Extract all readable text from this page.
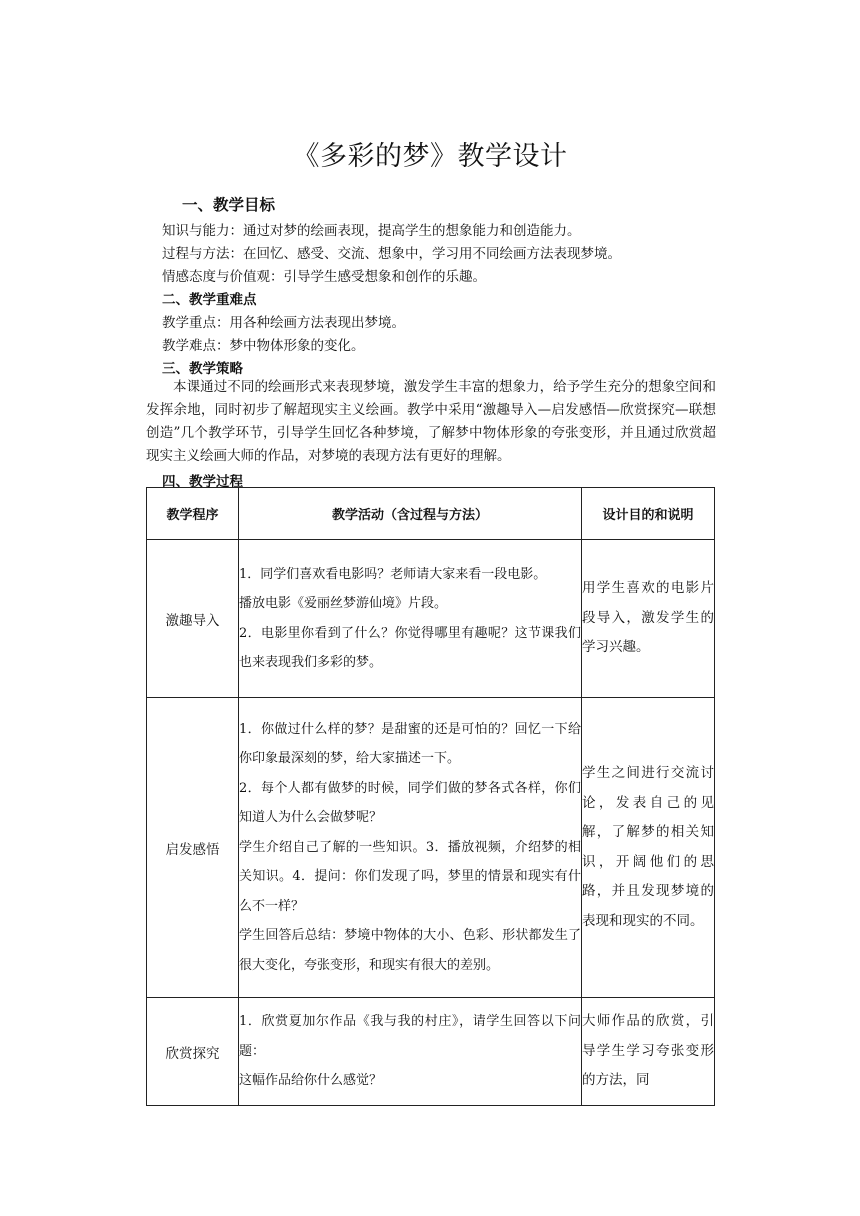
《多彩的梦》教学设计
一、教学目标
知识与能力：通过对梦的绘画表现，提高学生的想象能力和创造能力。
过程与方法：在回忆、感受、交流、想象中，学习用不同绘画方法表现梦境。
情感态度与价值观：引导学生感受想象和创作的乐趣。
二、教学重难点
教学重点：用各种绘画方法表现出梦境。
教学难点：梦中物体形象的变化。
三、教学策略
本课通过不同的绘画形式来表现梦境，激发学生丰富的想象力，给予学生充分的想象空间和发挥余地，同时初步了解超现实主义绘画。教学中采用“激趣导入—启发感悟—欣赏探究—联想创造”几个教学环节，引导学生回忆各种梦境，了解梦中物体形象的夸张变形，并且通过欣赏超现实主义绘画大师的作品，对梦境的表现方法有更好的理解。
四、教学过程
教学程序	教学活动（含过程与方法）	设计目的和说明
激趣导入	1．同学们喜欢看电影吗？老师请大家来看一段电影。

播放电影《爱丽丝梦游仙境》片段。

2．电影里你看到了什么？你觉得哪里有趣呢？这节课我们也来表现我们多彩的梦。	用学生喜欢的电影片段导入，激发学生的学习兴趣。

启发感悟	1．你做过什么样的梦？是甜蜜的还是可怕的？回忆一下给你印象最深刻的梦，给大家描述一下。

2．每个人都有做梦的时候，同学们做的梦各式各样，你们知道人为什么会做梦呢？

学生介绍自己了解的一些知识。3．播放视频，介绍梦的相关知识。4．提问：你们发现了吗，梦里的情景和现实有什么不一样？

学生回答后总结：梦境中物体的大小、色彩、形状都发生了很大变化，夸张变形，和现实有很大的差别。	学生之间进行交流讨论，发表自己的见解，了解梦的相关知识，开阔他们的思路，并且发现梦境的表现和现实的不同。

欣赏探究	1．欣赏夏加尔作品《我与我的村庄》，请学生回答以下问题：

这幅作品给你什么感觉？	大师作品的欣赏，引导学生学习夸张变形的方法，同
